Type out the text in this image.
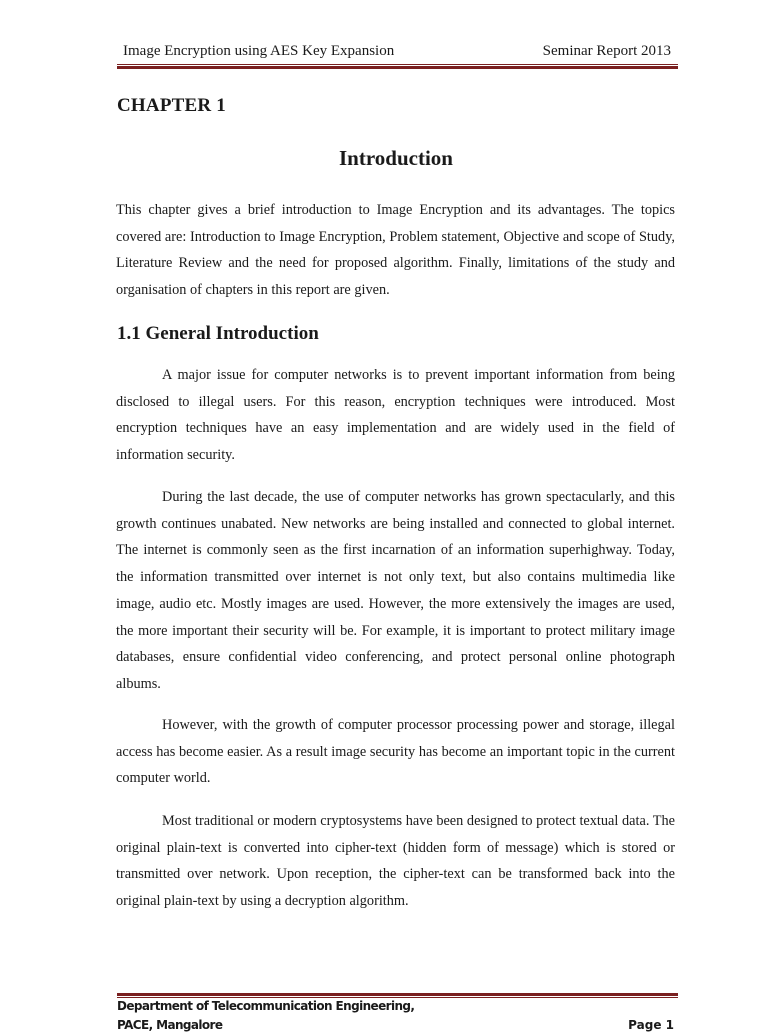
Image Encryption using AES Key Expansion	Seminar Report 2013
CHAPTER 1
Introduction

This chapter gives a brief introduction to Image Encryption and its advantages. The topics covered are: Introduction to Image Encryption, Problem statement, Objective and scope of Study, Literature Review and the need for proposed algorithm. Finally, limitations of the study and organisation of chapters in this report are given.

1.1 General Introduction

A major issue for computer networks is to prevent important information from being disclosed to illegal users. For this reason, encryption techniques were introduced. Most encryption techniques have an easy implementation and are widely used in the field of information security.

During the last decade, the use of computer networks has grown spectacularly, and this growth continues unabated. New networks are being installed and connected to global internet. The internet is commonly seen as the first incarnation of an information superhighway. Today, the information transmitted over internet is not only text, but also contains multimedia like image, audio etc. Mostly images are used. However, the more extensively the images are used, the more important their security will be. For example, it is important to protect military image databases, ensure confidential video conferencing, and protect personal online photograph albums.

However, with the growth of computer processor processing power and storage, illegal access has become easier. As a result image security has become an important topic in the current computer world.

Most traditional or modern cryptosystems have been designed to protect textual data. The original plain-text is converted into cipher-text (hidden form of message) which is stored or transmitted over network. Upon reception, the cipher-text can be transformed back into the original plain-text by using a decryption algorithm.

Department of Telecommunication Engineering,
PACE, Mangalore	Page 1
